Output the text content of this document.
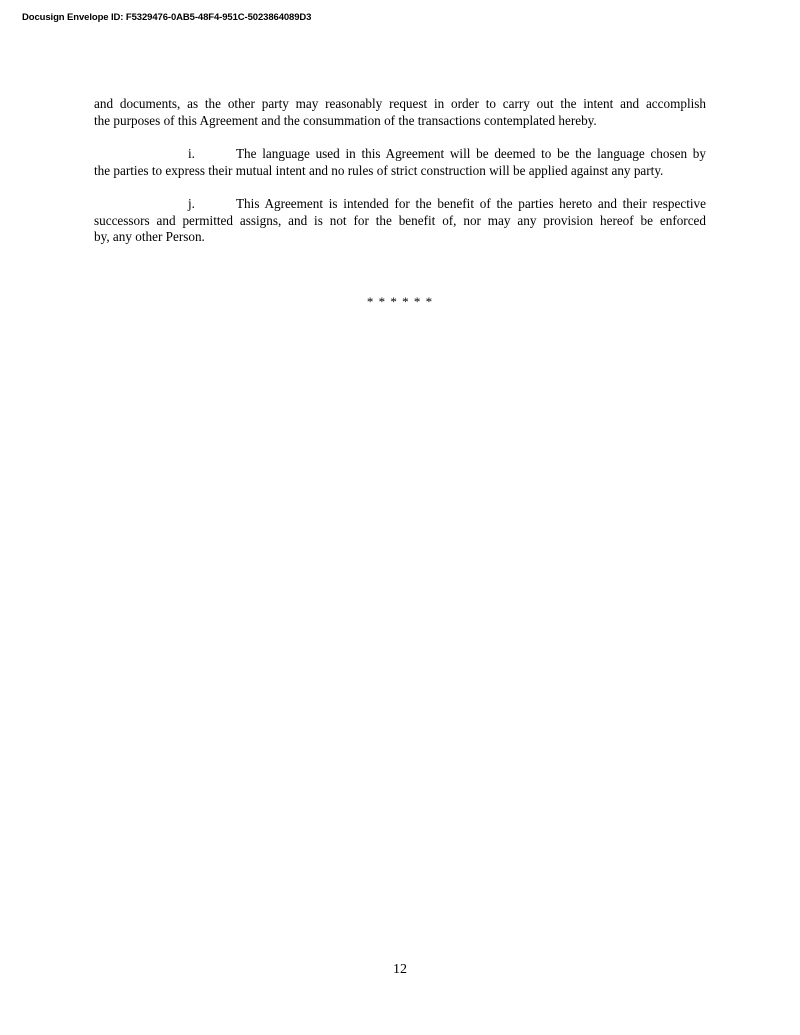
Docusign Envelope ID: F5329476-0AB5-48F4-951C-5023864089D3
and documents, as the other party may reasonably request in order to carry out the intent and accomplish
the purposes of this Agreement and the consummation of the transactions contemplated hereby.
i.	The language used in this Agreement will be deemed to be the language chosen by
the parties to express their mutual intent and no rules of strict construction will be applied against any party.
j.	This Agreement is intended for the benefit of the parties hereto and their respective
successors and permitted assigns, and is not for the benefit of, nor may any provision hereof be enforced
by, any other Person.
* * * * * *
12
